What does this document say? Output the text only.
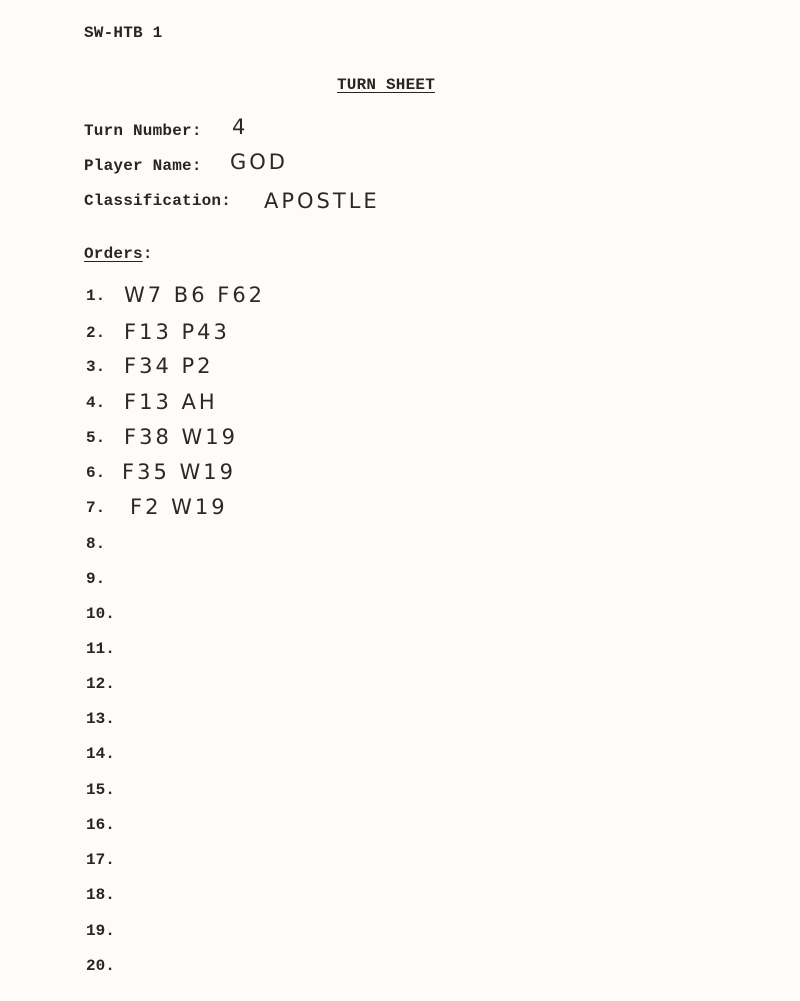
SW-HTB 1
TURN SHEET
Turn Number: 4
Player Name: GOD
Classification: APOSTLE
Orders:
1. W7 B6 F62
2. F13 P43
3. F34 P2
4. F13 AH
5. F38 W19
6. F35 W19
7. F2 W19
8.
9.
10.
11.
12.
13.
14.
15.
16.
17.
18.
19.
20.
